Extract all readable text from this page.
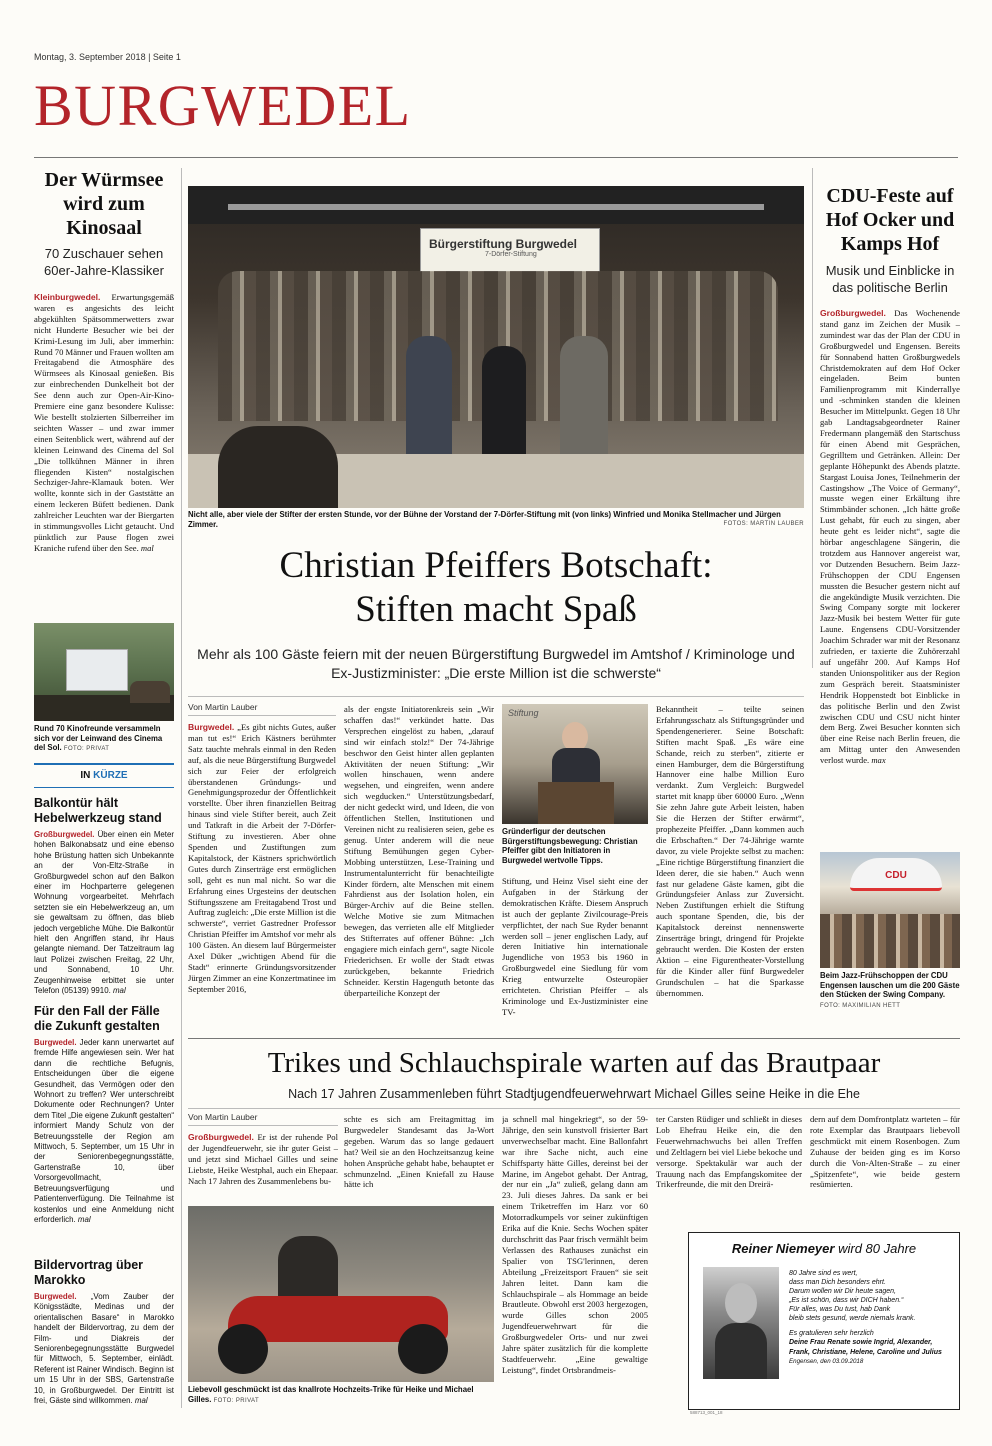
Montag, 3. September 2018 | Seite 1
BURGWEDEL
Der Würmsee wird zum Kinosaal
70 Zuschauer sehen 60er-Jahre-Klassiker
Kleinburgwedel. Erwartungsgemäß waren es angesichts des leicht abgekühlten Spätsommerwetters zwar nicht Hunderte Besucher wie bei der Krimi-Lesung im Juli, aber immerhin: Rund 70 Männer und Frauen wollten am Freitagabend die Atmosphäre des Würmsees als Kinosaal genießen. Bis zur einbrechenden Dunkelheit bot der See denn auch zur Open-Air-Kino-Premiere eine ganz besondere Kulisse: Wie bestellt stolzierten Silberreiher im seichten Wasser – und zwar immer einen Seitenblick wert, während auf der kleinen Leinwand des Cinema del Sol „Die tollkühnen Männer in ihren fliegenden Kisten“ nostalgischen Sechziger-Jahre-Klamauk boten. Wer wollte, konnte sich in der Gaststätte an einem leckeren Büfett bedienen. Dank zahlreicher Leuchten war der Biergarten in stimmungsvolles Licht getaucht. Und pünktlich zur Pause flogen zwei Kraniche rufend über den See. mal
Rund 70 Kinofreunde versammeln sich vor der Leinwand des Cinema del Sol. FOTO: PRIVAT
IN KÜRZE
Balkontür hält Hebelwerkzeug stand
Großburgwedel. Über einen ein Meter hohen Balkonabsatz und eine ebenso hohe Brüstung hatten sich Unbekannte an der Von-Eltz-Straße in Großburgwedel schon auf den Balkon einer im Hochparterre gelegenen Wohnung vorgearbeitet. Mehrfach setzten sie ein Hebelwerkzeug an, um sie gewaltsam zu öffnen, das blieb jedoch vergebliche Mühe. Die Balkontür hielt den Angriffen stand, ihr Haus gelangte niemand. Der Tatzeitraum lag laut Polizei zwischen Freitag, 22 Uhr, und Sonnabend, 10 Uhr. Zeugenhinweise erbittet sie unter Telefon (05139) 9910. mal
Für den Fall der Fälle die Zukunft gestalten
Burgwedel. Jeder kann unerwartet auf fremde Hilfe angewiesen sein. Wer hat dann die rechtliche Befugnis, Entscheidungen über die eigene Gesundheit, das Vermögen oder den Wohnort zu treffen? Wer unterschreibt Dokumente oder Rechnungen? Unter dem Titel „Die eigene Zukunft gestalten“ informiert Mandy Schulz von der Betreuungsstelle der Region am Mittwoch, 5. September, um 15 Uhr in der Seniorenbegegnungsstätte, Gartenstraße 10, über Vorsorgevollmacht, Betreuungsverfügung und Patientenverfügung. Die Teilnahme ist kostenlos und eine Anmeldung nicht erforderlich. mal
Bildervortrag über Marokko
Burgwedel. „Vom Zauber der Königsstädte, Medinas und der orientalischen Basare“ in Marokko handelt der Bildervortrag, zu dem der Film- und Diakreis der Seniorenbegegnungsstätte Burgwedel für Mittwoch, 5. September, einlädt. Referent ist Rainer Windisch. Beginn ist um 15 Uhr in der SBS, Gartenstraße 10, in Großburgwedel. Der Eintritt ist frei, Gäste sind willkommen. mal
Bürgerstiftung Burgwedel
7-Dörfer-Stiftung
Nicht alle, aber viele der Stifter der ersten Stunde, vor der Bühne der Vorstand der 7-Dörfer-Stiftung mit (von links) Winfried und Monika Stellmacher und Jürgen Zimmer.	FOTOS: MARTIN LAUBER
Christian Pfeiffers Botschaft:
Stiften macht Spaß
Mehr als 100 Gäste feiern mit der neuen Bürgerstiftung Burgwedel im Amtshof / Kriminologe und Ex-Justizminister: „Die erste Million ist die schwerste“
Von Martin Lauber
Burgwedel. „Es gibt nichts Gutes, außer man tut es!“ Erich Kästners berühmter Satz tauchte mehrals einmal in den Reden auf, als die neue Bürgerstiftung Burgwedel sich zur Feier der erfolgreich überstandenen Gründungs- und Genehmigungsprozedur der Öffentlichkeit vorstellte. Über ihren finanziellen Beitrag hinaus sind viele Stifter bereit, auch Zeit und Tatkraft in die Arbeit der 7-Dörfer-Stiftung zu investieren. Aber ohne Spenden und Zustiftungen zum Kapitalstock, der Kästners sprichwörtlich Gutes durch Zinserträge erst ermöglichen soll, geht es nun mal nicht. So war die Erfahrung eines Urgesteins der deutschen Stiftungsszene am Freitagabend Trost und Auftrag zugleich: „Die erste Million ist die schwerste“, verriet Gastredner Professor Christian Pfeiffer im Amtshof vor mehr als 100 Gästen. An diesem lauf Bürgermeister Axel Düker „wichtigen Abend für die Stadt“ erinnerte Gründungsvorsitzender Jürgen Zimmer an eine Konzertmatinee im September 2016,
als der engste Initiatorenkreis sein „Wir schaffen das!“ verkündet hatte. Das Versprechen eingelöst zu haben, „darauf sind wir einfach stolz!“ Der 74-Jährige beschwor den Geist hinter allen geplanten Aktivitäten der neuen Stiftung: „Wir wollen hinschauen, wenn andere wegsehen, und eingreifen, wenn andere sich wegducken.“ Unterstützungsbedarf, der nicht gedeckt wird, und Ideen, die von öffentlichen Stellen, Institutionen und Vereinen nicht zu realisieren seien, gebe es genug. Unter anderem will die neue Stiftung Bemühungen gegen Cyber-Mobbing unterstützen, Lese-Training und Instrumentalunterricht für benachteiligte Kinder fördern, alte Menschen mit einem Fahrdienst aus der Isolation holen, ein Bürger-Archiv auf die Beine stellen. Welche Motive sie zum Mitmachen bewegen, das verrieten alle elf Mitglieder des Stifterrates auf offener Bühne: „Ich engagiere mich einfach gern“, sagte Nicole Friederichsen. Er wolle der Stadt etwas zurückgeben, bekannte Friedrich Schneider. Kerstin Hagenguth betonte das überparteiliche Konzept der
Stiftung
Gründerfigur der deutschen Bürgerstiftungsbewegung: Christian Pfeiffer gibt den Initiatoren in Burgwedel wertvolle Tipps.
Stiftung, und Heinz Visel sieht eine der Aufgaben in der Stärkung der demokratischen Kräfte. Diesem Anspruch ist auch der geplante Zivilcourage-Preis verpflichtet, der nach Sue Ryder benannt werden soll – jener englischen Lady, auf deren Initiative hin internationale Jugendliche von 1953 bis 1960 in Großburgwedel eine Siedlung für vom Krieg entwurzelte Osteuropäer errichteten. Christian Pfeiffer – als Kriminologe und Ex-Justizminister eine TV-
Bekanntheit – teilte seinen Erfahrungsschatz als Stiftungsgründer und Spendengenerierer. Seine Botschaft: Stiften macht Spaß. „Es wäre eine Schande, reich zu sterben“, zitierte er einen Hamburger, dem die Bürgerstiftung Hannover eine halbe Million Euro verdankt. Zum Vergleich: Burgwedel startet mit knapp über 60000 Euro. „Wenn Sie zehn Jahre gute Arbeit leisten, haben Sie die Herzen der Stifter erwärmt“, prophezeite Pfeiffer. „Dann kommen auch die Erbschaften.“ Der 74-Jährige warnte davor, zu viele Projekte selbst zu machen: „Eine richtige Bürgerstiftung finanziert die Ideen derer, die sie haben.“ Auch wenn fast nur geladene Gäste kamen, gibt die Gründungsfeier Anlass zur Zuversicht. Neben Zustiftungen erhielt die Stiftung auch spontane Spenden, die, bis der Kapitalstock dereinst nennenswerte Zinserträge bringt, dringend für Projekte gebraucht werden. Die Kosten der ersten Aktion – eine Figurentheater-Vorstellung für die Kinder aller fünf Burgwedeler Grundschulen – hat die Sparkasse übernommen.
CDU-Feste auf Hof Ocker und Kamps Hof
Musik und Einblicke in das politische Berlin
Großburgwedel. Das Wochenende stand ganz im Zeichen der Musik – zumindest war das der Plan der CDU in Großburgwedel und Engensen. Bereits für Sonnabend hatten Großburgwedels Christdemokraten auf dem Hof Ocker eingeladen. Beim bunten Familienprogramm mit Kinderrallye und -schminken standen die kleinen Besucher im Mittelpunkt. Gegen 18 Uhr gab Landtagsabgeordneter Rainer Fredermann plangemäß den Startschuss für einen Abend mit Gesprächen, Gegrilltem und Getränken. Allein: Der geplante Höhepunkt des Abends platzte. Stargast Louisa Jones, Teilnehmerin der Castingshow „The Voice of Germany“, musste wegen einer Erkältung ihre Stimmbänder schonen. „Ich hätte große Lust gehabt, für euch zu singen, aber heute geht es leider nicht“, sagte die hörbar angeschlagene Sängerin, die trotzdem aus Hannover angereist war, vor Dutzenden Besuchern. Beim Jazz-Frühschoppen der CDU Engensen mussten die Besucher gestern nicht auf die angekündigte Musik verzichten. Die Swing Company sorgte mit lockerer Jazz-Musik bei bestem Wetter für gute Laune. Engensens CDU-Vorsitzender Joachim Schrader war mit der Resonanz zufrieden, er taxierte die Zuhörerzahl auf ungefähr 200. Auf Kamps Hof standen Unionspolitiker aus der Region zum Gespräch bereit. Staatsminister Hendrik Hoppenstedt bot Einblicke in das politische Berlin und den Zwist zwischen CDU und CSU nicht hinter dem Berg. Zwei Besucher konnten sich über eine Reise nach Berlin freuen, die am Mittag unter den Anwesenden verlost wurde. max
CDU
Beim Jazz-Frühschoppen der CDU Engensen lauschen um die 200 Gäste den Stücken der Swing Company. FOTO: MAXIMILIAN HETT
Trikes und Schlauchspirale warten auf das Brautpaar
Nach 17 Jahren Zusammenleben führt Stadtjugendfeuerwehrwart Michael Gilles seine Heike in die Ehe
Von Martin Lauber
Großburgwedel. Er ist der ruhende Pol der Jugendfeuerwehr, sie ihr guter Geist – und jetzt sind Michael Gilles und seine Liebste, Heike Westphal, auch ein Ehepaar. Nach 17 Jahren des Zusammenlebens bu-
schte es sich am Freitagmittag im Burgwedeler Standesamt das Ja-Wort gegeben. Warum das so lange gedauert hat? Weil sie an den Hochzeitsanzug keine hohen Ansprüche gehabt habe, behauptet er schmunzelnd. „Einen Kniefall zu Hause hätte ich
Liebevoll geschmückt ist das knallrote Hochzeits-Trike für Heike und Michael Gilles. FOTO: PRIVAT
ja schnell mal hingekriegt“, so der 59-Jährige, den sein kunstvoll frisierter Bart unverwechselbar macht. Eine Ballonfahrt war ihre Sache nicht, auch eine Schiffsparty hätte Gilles, dereinst bei der Marine, im Angebot gehabt. Der Antrag, der nur ein „Ja“ zuließ, gelang dann am 23. Juli dieses Jahres. Da sank er bei einem Triketreffen im Harz vor 60 Motorradkumpels vor seiner zukünftigen Erika auf die Knie. Sechs Wochen später durchschritt das Paar frisch vermählt beim Verlassen des Rathauses zunächst ein Spalier von TSG'lerinnen, deren Abteilung „Freizeitsport Frauen“ sie seit Jahren leitet. Dann kam die Schlauchspirale – als Hommage an beide Brautleute. Obwohl erst 2003 hergezogen, wurde Gilles schon 2005 Jugendfeuerwehrwart für die Großburgwedeler Orts- und nur zwei Jahre später zusätzlich für die komplette Stadtfeuerwehr. „Eine gewaltige Leistung“, findet Ortsbrandmeis-
ter Carsten Rüdiger und schließt in dieses Lob Ehefrau Heike ein, die den Feuerwehrnachwuchs bei allen Treffen und Zeltlagern bei viel Liebe bekoche und versorge. Spektakulär war auch der Trauung nach das Empfangskomitee der Trikerfreunde, die mit den Dreirä-
dern auf dem Domfrontplatz warteten – für rote Exemplar das Brautpaars liebevoll geschmückt mit einem Rosenbogen. Zum Zuhause der beiden ging es im Korso durch die Von-Alten-Straße – zu einer „Spitzenfete“, wie beide gestern resümierten.
Reiner Niemeyer wird 80 Jahre
80 Jahre sind es wert,
dass man Dich besonders ehrt.
Darum wollen wir Dir heute sagen,
„Es ist schön, dass wir DICH haben.“
Für alles, was Du tust, hab Dank
bleib stets gesund, werde niemals krank.
Es gratulieren sehr herzlich
Deine Frau Renate sowie Ingrid, Alexander, Frank, Christiane, Helene, Caroline und Julius
Engensen, den 03.09.2018
588713_001_18
